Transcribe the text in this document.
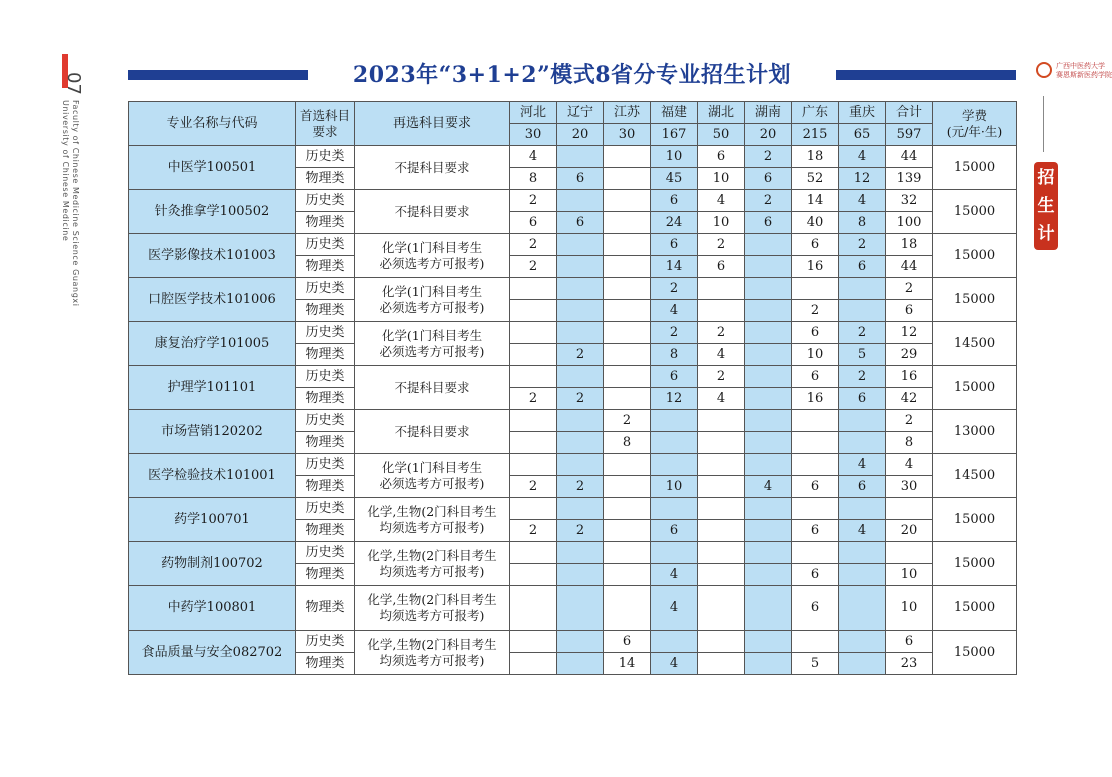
07
Faculty of Chinese Medicine Science Guangxi
University of Chinese Medicine
广西中医药大学
赛恩斯新医药学院
招
生
计
划
2023年“3+1+2”模式8省分专业招生计划
专业名称与代码	首选科目
要求	再选科目要求	河北	辽宁	江苏	福建	湖北	湖南	广东	重庆	合计	学费
(元/年·生)
			30	20	30	167	50	20	215	65	597	
中医学100501	历史类	不提科目要求	4			10	6	2	18	4	44	15000
	物理类		8	6		45	10	6	52	12	139	
针灸推拿学100502	历史类	不提科目要求	2			6	4	2	14	4	32	15000
	物理类		6	6		24	10	6	40	8	100	
医学影像技术101003	历史类	化学(1门科目考生
必须选考方可报考)	2			6	2		6	2	18	15000
	物理类		2			14	6		16	6	44	
口腔医学技术101006	历史类	化学(1门科目考生
必须选考方可报考)				2					2	15000
	物理类					4			2		6	
康复治疗学101005	历史类	化学(1门科目考生
必须选考方可报考)				2	2		6	2	12	14500
	物理类			2		8	4		10	5	29	
护理学101101	历史类	不提科目要求				6	2		6	2	16	15000
	物理类		2	2		12	4		16	6	42	
市场营销120202	历史类	不提科目要求			2						2	13000
	物理类				8						8	
医学检验技术101001	历史类	化学(1门科目考生
必须选考方可报考)								4	4	14500
	物理类		2	2		10		4	6	6	30	
药学100701	历史类	化学,生物(2门科目考生
均须选考方可报考)										15000
	物理类		2	2		6			6	4	20	
药物制剂100702	历史类	化学,生物(2门科目考生
均须选考方可报考)										15000
	物理类					4			6		10	
中药学100801	物理类	化学,生物(2门科目考生
均须选考方可报考)				4			6		10	15000
食品质量与安全082702	历史类	化学,生物(2门科目考生
均须选考方可报考)			6						6	15000
	物理类				14	4			5		23	
